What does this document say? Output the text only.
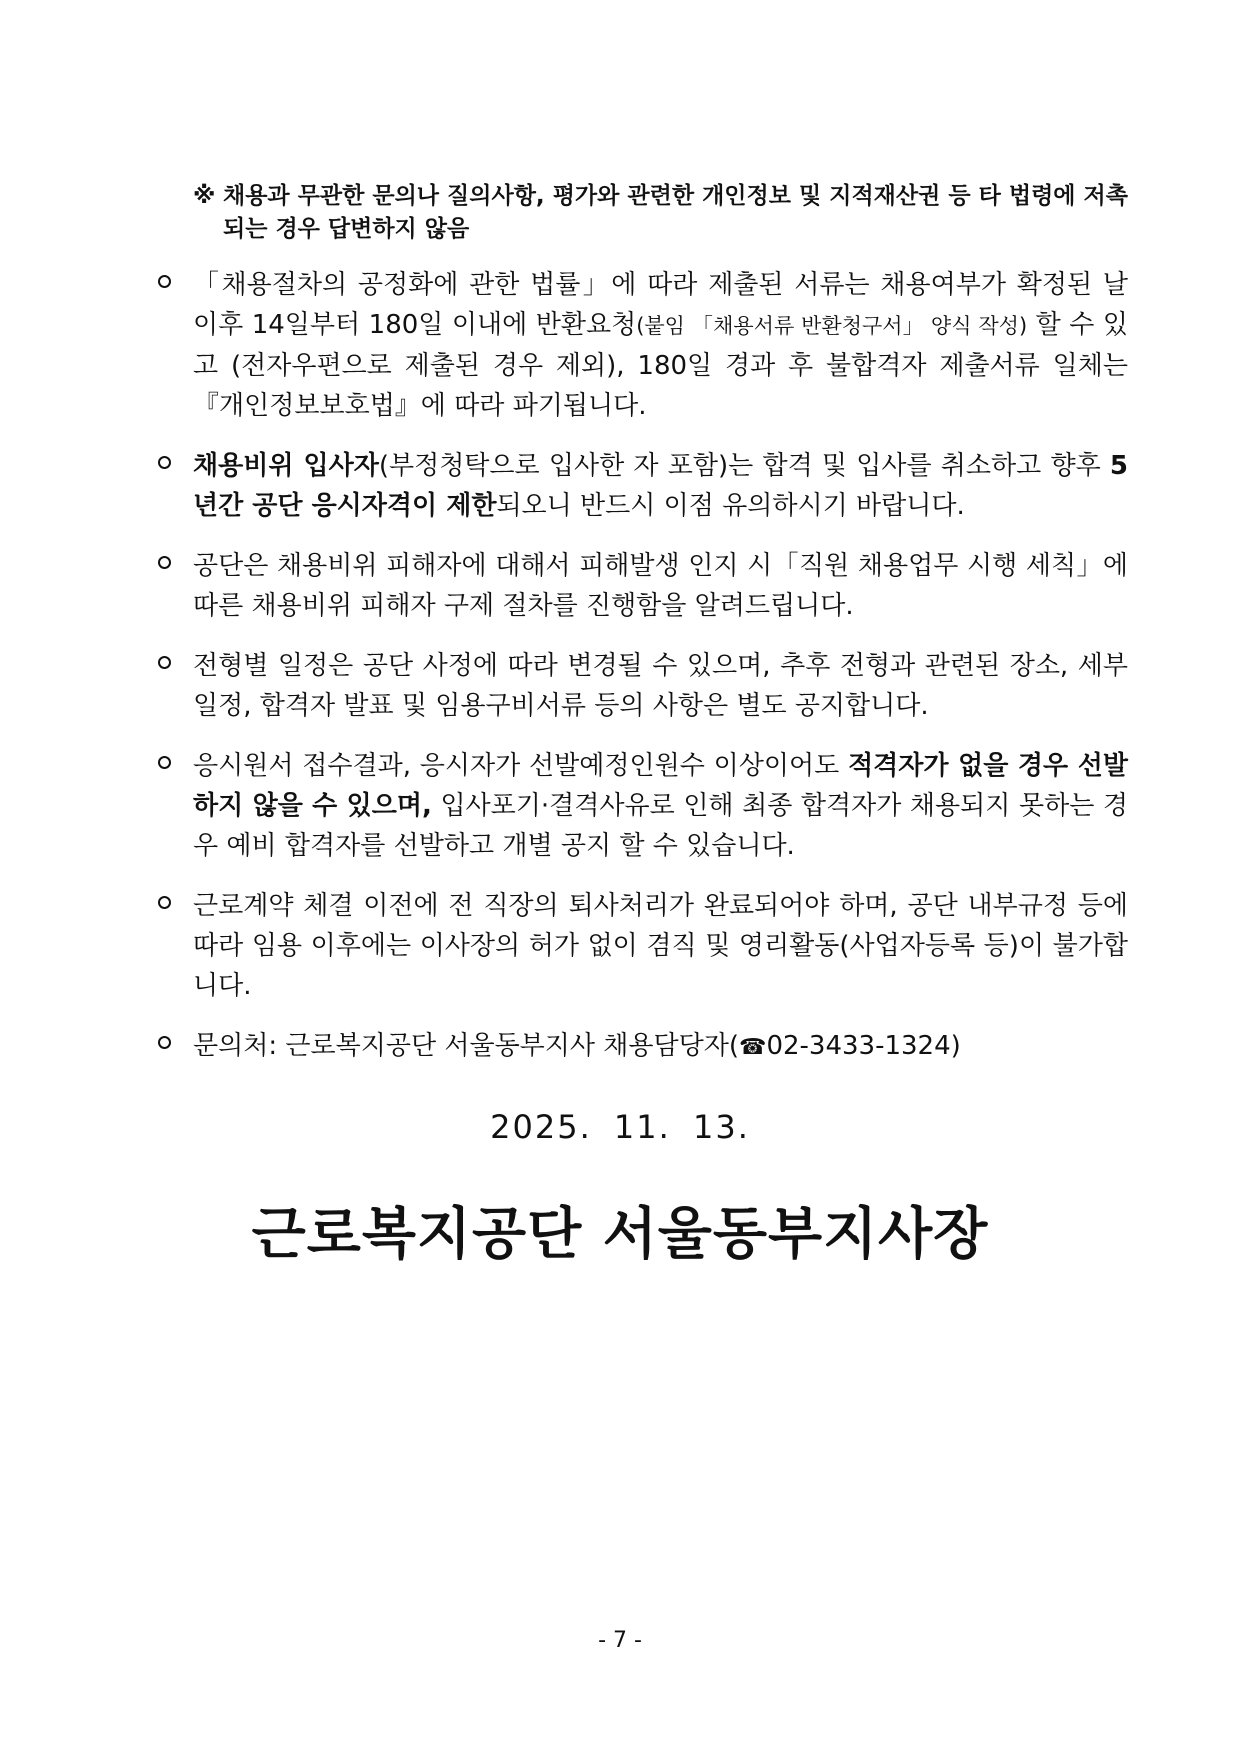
※ 채용과 무관한 문의나 질의사항, 평가와 관련한 개인정보 및 지적재산권 등 타 법령에 저촉되는 경우 답변하지 않음
「채용절차의 공정화에 관한 법률」에 따라 제출된 서류는 채용여부가 확정된 날 이후 14일부터 180일 이내에 반환요청(붙임 「채용서류 반환청구서」 양식 작성) 할 수 있고 (전자우편으로 제출된 경우 제외), 180일 경과 후 불합격자 제출서류 일체는『개인정보보호법』에 따라 파기됩니다.
채용비위 입사자(부정청탁으로 입사한 자 포함)는 합격 및 입사를 취소하고 향후 5년간 공단 응시자격이 제한되오니 반드시 이점 유의하시기 바랍니다.
공단은 채용비위 피해자에 대해서 피해발생 인지 시「직원 채용업무 시행 세칙」에 따른 채용비위 피해자 구제 절차를 진행함을 알려드립니다.
전형별 일정은 공단 사정에 따라 변경될 수 있으며, 추후 전형과 관련된 장소, 세부 일정, 합격자 발표 및 임용구비서류 등의 사항은 별도 공지합니다.
응시원서 접수결과, 응시자가 선발예정인원수 이상이어도 적격자가 없을 경우 선발하지 않을 수 있으며, 입사포기·결격사유로 인해 최종 합격자가 채용되지 못하는 경우 예비 합격자를 선발하고 개별 공지 할 수 있습니다.
근로계약 체결 이전에 전 직장의 퇴사처리가 완료되어야 하며, 공단 내부규정 등에 따라 임용 이후에는 이사장의 허가 없이 겸직 및 영리활동(사업자등록 등)이 불가합니다.
문의처: 근로복지공단 서울동부지사 채용담당자(☎02-3433-1324)
2025. 11. 13.
근로복지공단 서울동부지사장
- 7 -
